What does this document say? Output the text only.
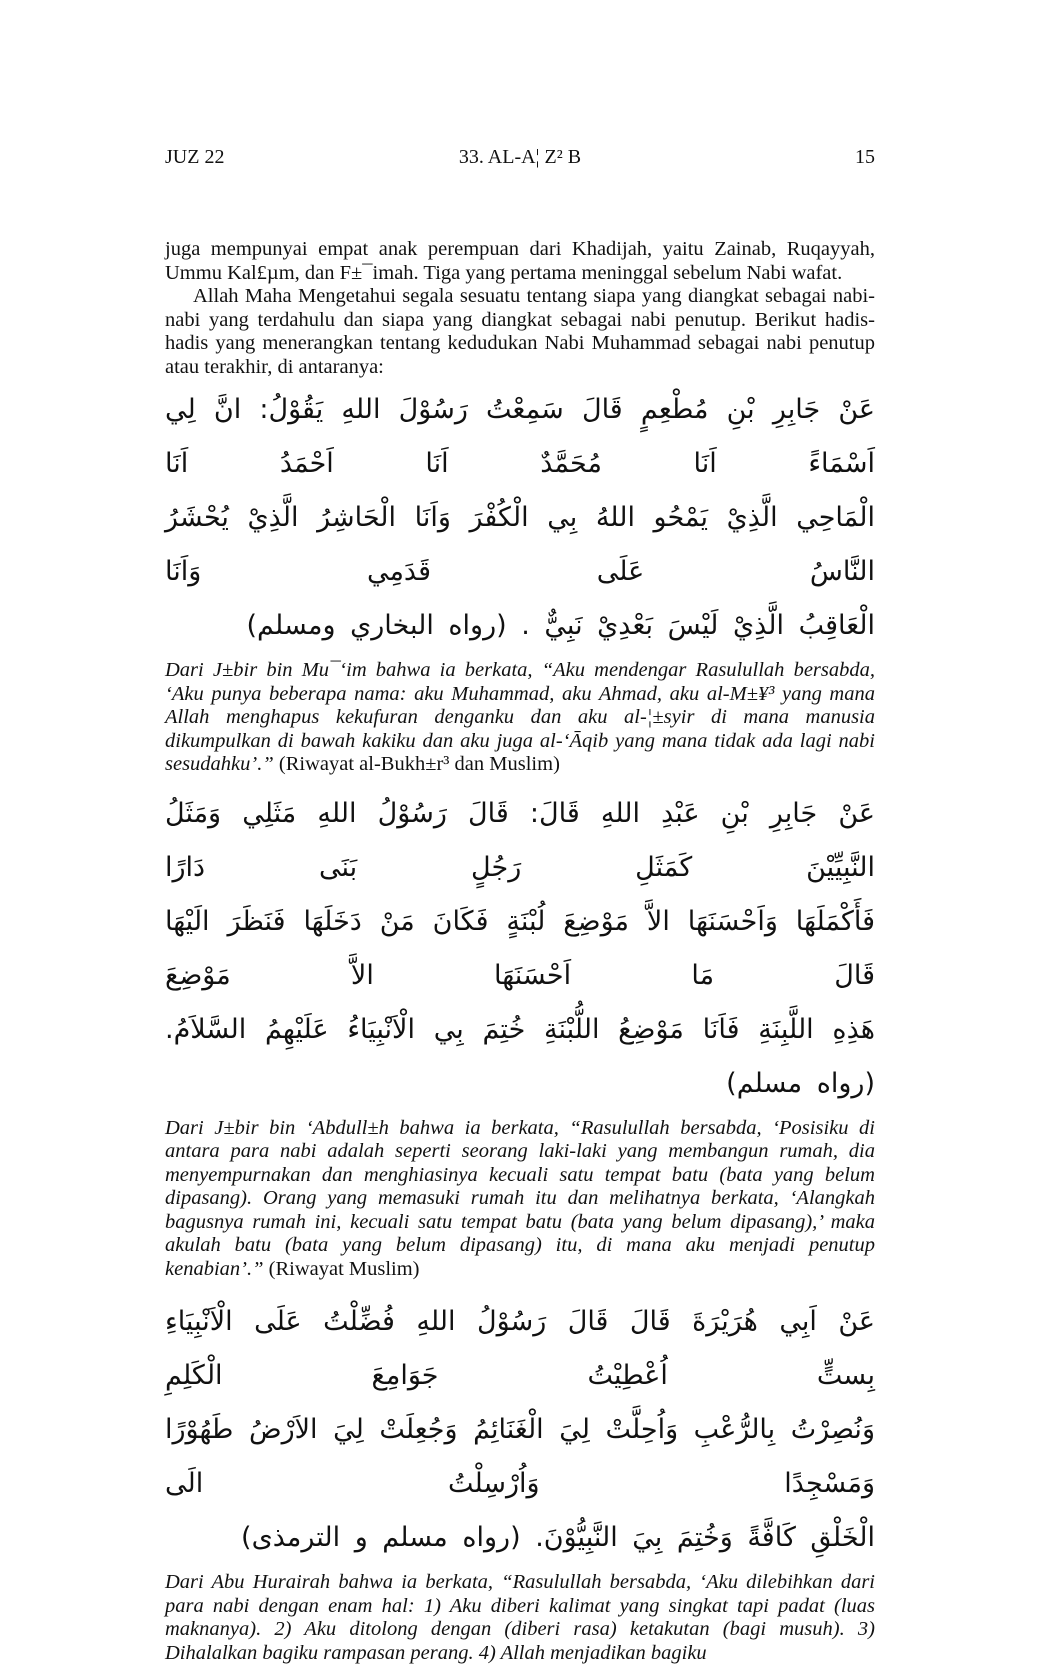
JUZ 22	33. AL-A¦ Z² B	15

juga mempunyai empat anak perempuan dari Khadijah, yaitu Zainab, Ruqayyah, Ummu Kal£µm, dan F±¯imah. Tiga yang pertama meninggal sebelum Nabi wafat.

Allah Maha Mengetahui segala sesuatu tentang siapa yang diangkat sebagai nabi-nabi yang terdahulu dan siapa yang diangkat sebagai nabi penutup. Berikut hadis-hadis yang menerangkan tentang kedudukan Nabi Muhammad sebagai nabi penutup atau terakhir, di antaranya:

عَنْ جَابِرِ بْنِ مُطْعِمٍ قَالَ سَمِعْتُ رَسُوْلَ اللهِ يَقُوْلُ: انَّ لِي اَسْمَاءً اَنَا مُحَمَّدٌ اَنَا اَحْمَدُ اَنَا
الْمَاحِي الَّذِيْ يَمْحُو اللهُ بِي الْكُفْرَ وَاَنَا الْحَاشِرُ الَّذِيْ يُحْشَرُ النَّاسُ عَلَى قَدَمِي وَاَنَا
الْعَاقِبُ الَّذِيْ لَيْسَ بَعْدِيْ نَبِيٌّ . (رواه البخاري ومسلم)

Dari J±bir bin Mu¯‘im bahwa ia berkata, “Aku mendengar Rasulullah bersabda, ‘Aku punya beberapa nama: aku Muhammad, aku Ahmad, aku al-M±¥³ yang mana Allah menghapus kekufuran denganku dan aku al-¦±syir di mana manusia dikumpulkan di bawah kakiku dan aku juga al-‘Āqib yang mana tidak ada lagi nabi sesudahku’.” (Riwayat al-Bukh±r³ dan Muslim)

عَنْ جَابِرِ بْنِ عَبْدِ اللهِ قَالَ: قَالَ رَسُوْلُ اللهِ مَثَلِي وَمَثَلُ النَّبِيِّيْنَ كَمَثَلِ رَجُلٍ بَنَى دَارًا
فَأَكْمَلَهَا وَاَحْسَنَهَا الاَّ مَوْضِعَ لُبْنَةٍ فَكَانَ مَنْ دَخَلَهَا فَنَظَرَ الَيْهَا قَالَ مَا اَحْسَنَهَا الاَّ مَوْضِعَ
هَذِهِ اللَّبِنَةِ فَاَنَا مَوْضِعُ اللُّبْنَةِ خُتِمَ بِي الْاَنْبِيَاءُ عَلَيْهِمُ السَّلاَمُ. (رواه مسلم)

Dari J±bir bin ‘Abdull±h bahwa ia berkata, “Rasulullah bersabda, ‘Posisiku di antara para nabi adalah seperti seorang laki-laki yang membangun rumah, dia menyempurnakan dan menghiasinya kecuali satu tempat batu (bata yang belum dipasang). Orang yang memasuki rumah itu dan melihatnya berkata, ‘Alangkah bagusnya rumah ini, kecuali satu tempat batu (bata yang belum dipasang),’ maka akulah batu (bata yang belum dipasang) itu, di mana aku menjadi penutup kenabian’.” (Riwayat Muslim)

عَنْ اَبِي هُرَيْرَةَ قَالَ قَالَ رَسُوْلُ اللهِ فُضِّلْتُ عَلَى الْاَنْبِيَاءِ بِستٍّ اُعْطِيْتُ جَوَامِعَ الْكَلِمِ
وَنُصِرْتُ بِالرُّعْبِ وَاُحِلَّتْ لِيَ الْغَنَائِمُ وَجُعِلَتْ لِيَ الاَرْضُ طَهُوْرًا وَمَسْجِدًا وَاُرْسِلْتُ الَى
الْخَلْقِ كَافَّةً وَخُتِمَ بِيَ النَّبِيُّوْنَ. (رواه مسلم و الترمذى)

Dari Abu Hurairah bahwa ia berkata, “Rasulullah bersabda, ‘Aku dilebihkan dari para nabi dengan enam hal: 1) Aku diberi kalimat yang singkat tapi padat (luas maknanya). 2) Aku ditolong dengan (diberi rasa) ketakutan (bagi musuh). 3) Dihalalkan bagiku rampasan perang. 4) Allah menjadikan bagiku
